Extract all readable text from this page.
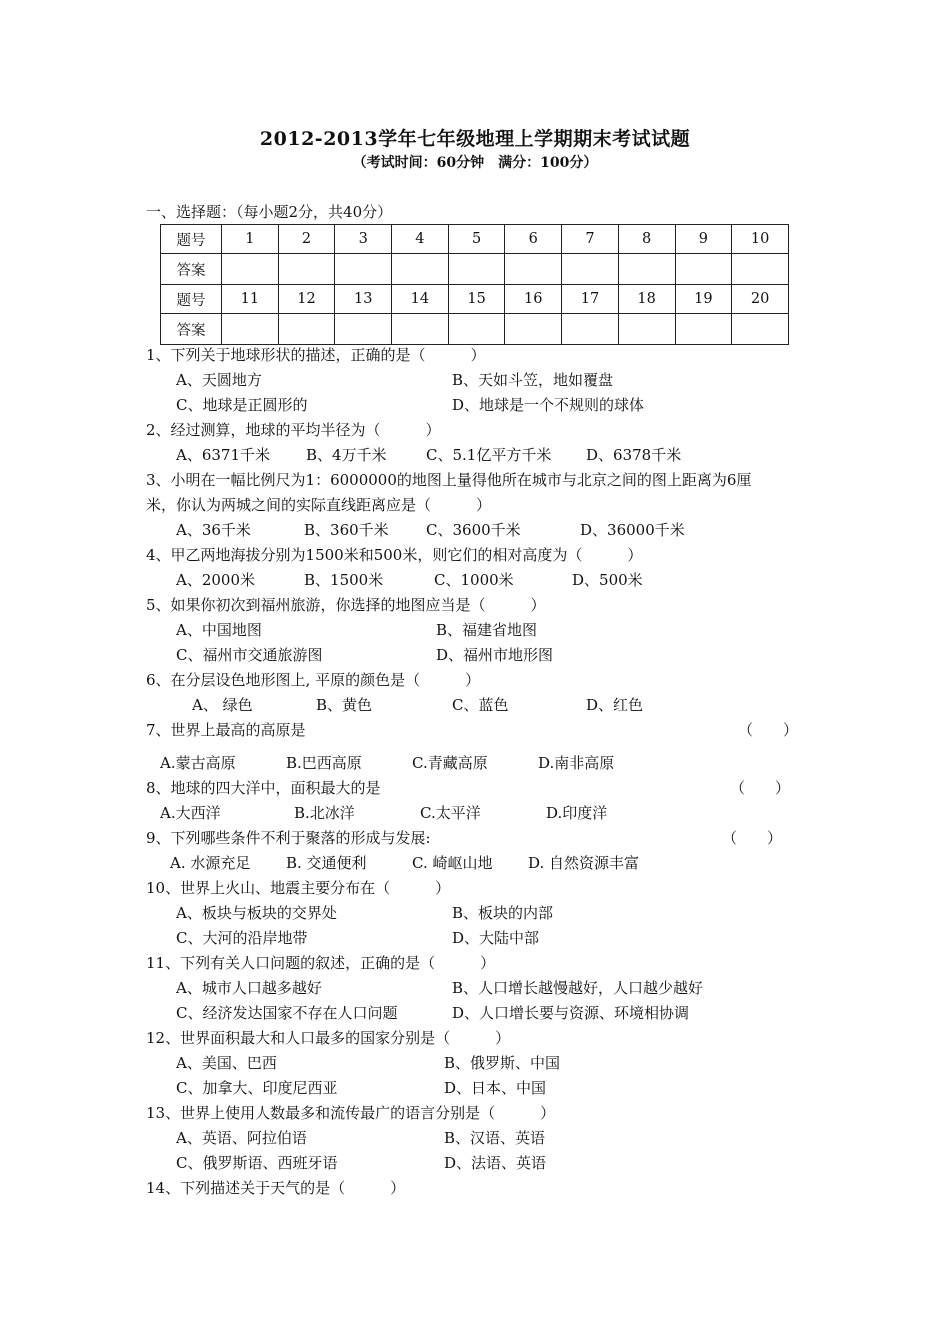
2012-2013学年七年级地理上学期期末考试试题
（考试时间：60分钟　满分：100分）
一、选择题：（每小题2分，共40分）
题号	1	2	3	4	5	6	7	8	9	10
答案										
题号	11	12	13	14	15	16	17	18	19	20
答案										
1、下列关于地球形状的描述，正确的是（　　　）
A、天圆地方	B、天如斗笠，地如覆盘
C、地球是正圆形的	D、地球是一个不规则的球体
2、经过测算，地球的平均半径为（　　　）
A、6371千米 B、4万千米	C、5.1亿平方千米 D、6378千米
3、小明在一幅比例尺为1：6000000的地图上量得他所在城市与北京之间的图上距离为6厘
米，你认为两城之间的实际直线距离应是（　　　）
A、36千米	B、360千米 C、3600千米	D、36000千米
4、甲乙两地海拔分别为1500米和500米，则它们的相对高度为（　　　）
A、2000米	B、1500米	C、1000米	D、500米
5、如果你初次到福州旅游，你选择的地图应当是（　　　）
A、中国地图	B、福建省地图
C、福州市交通旅游图	D、福州市地形图
6、在分层设色地形图上, 平原的颜色是（　　　）
A、 绿色	B、黄色	C、蓝色	D、红色
7、世界上最高的高原是	（　　）
A.蒙古高原	B.巴西高原	C.青藏高原	D.南非高原
8、地球的四大洋中，面积最大的是	（　　）
A.大西洋	B.北冰洋	C.太平洋	D.印度洋
9、下列哪些条件不利于聚落的形成与发展:	（　　）
A. 水源充足 B. 交通便利	C. 崎岖山地 D. 自然资源丰富
10、世界上火山、地震主要分布在（　　　）
A、板块与板块的交界处	B、板块的内部
C、大河的沿岸地带	D、大陆中部
11、下列有关人口问题的叙述，正确的是（　　　）
A、城市人口越多越好	B、人口增长越慢越好，人口越少越好
C、经济发达国家不存在人口问题	D、人口增长要与资源、环境相协调
12、世界面积最大和人口最多的国家分别是（　　　）
A、美国、巴西	B、俄罗斯、中国
C、加拿大、印度尼西亚	D、日本、中国
13、世界上使用人数最多和流传最广的语言分别是（　　　）
A、英语、阿拉伯语	B、汉语、英语
C、俄罗斯语、西班牙语	D、法语、英语
14、下列描述关于天气的是（　　　）
